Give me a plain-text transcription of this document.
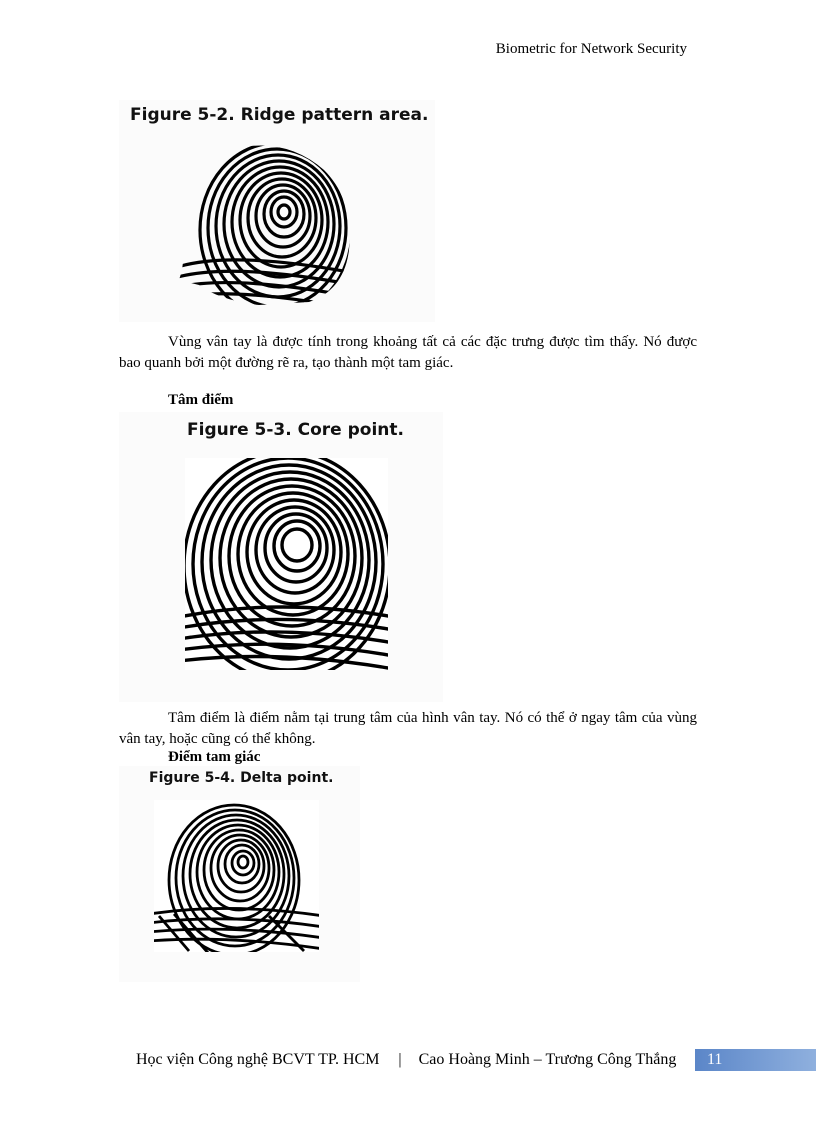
Biometric for Network Security
Figure 5-2. Ridge pattern area.
Vùng vân tay là được tính trong khoảng tất cả các đặc trưng được tìm thấy. Nó được bao quanh bởi một đường rẽ ra, tạo thành một tam giác.
Tâm điểm
Figure 5-3. Core point.
Tâm điểm là điểm nằm tại trung tâm của hình vân tay. Nó có thể ở ngay tâm của vùng vân tay, hoặc cũng có thể không.
Điểm tam giác
Figure 5-4. Delta point.
Học viện Công nghệ BCVT TP. HCM | Cao Hoàng Minh – Trương Công Thắng	11
